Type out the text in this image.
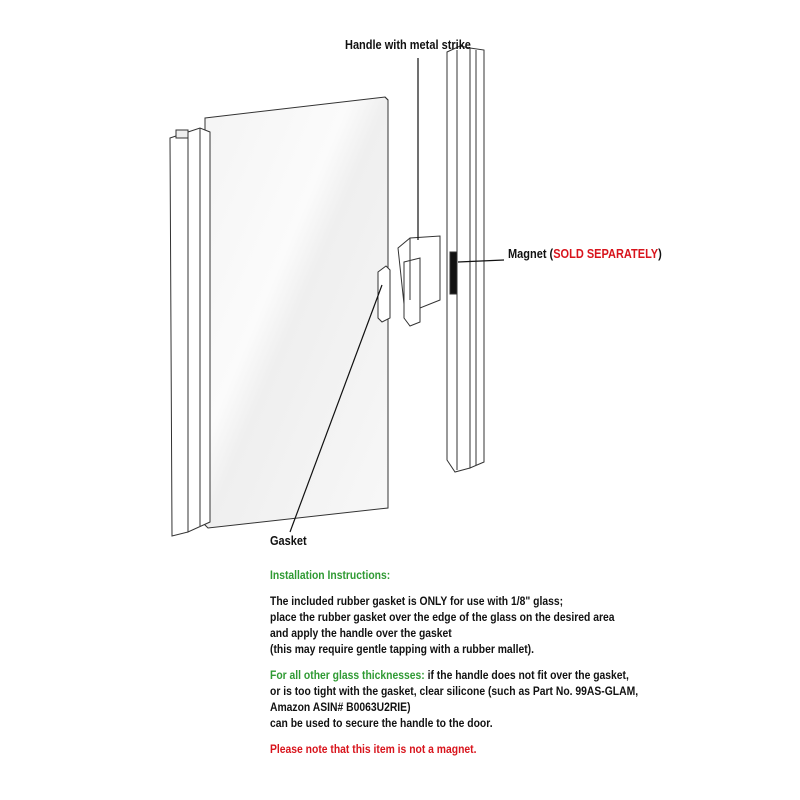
Handle with metal strike
Magnet (SOLD SEPARATELY)
Gasket
Installation Instructions:
The included rubber gasket is ONLY for use with 1/8" glass;
place the rubber gasket over the edge of the glass on the desired area
and apply the handle over the gasket
(this may require gentle tapping with a rubber mallet).
For all other glass thicknesses: if the handle does not fit over the gasket,
or is too tight with the gasket, clear silicone (such as Part No. 99AS-GLAM,
Amazon ASIN# B0063U2RIE)
can be used to secure the handle to the door.
Please note that this item is not a magnet.
